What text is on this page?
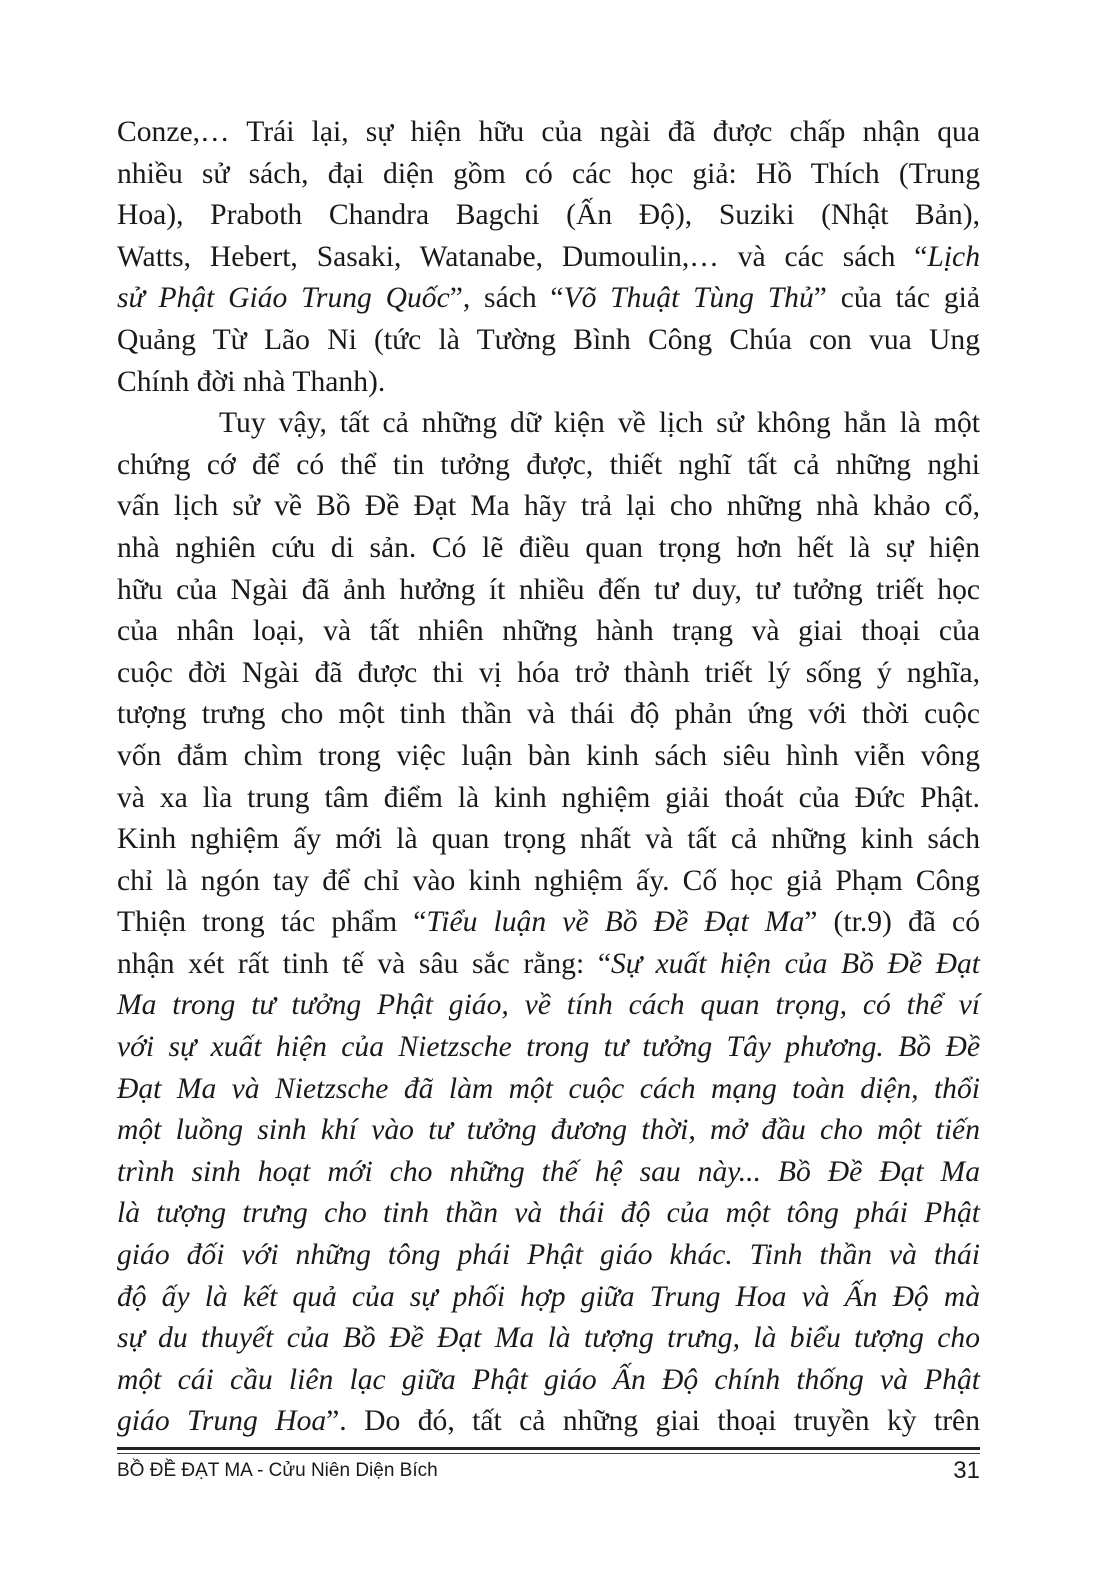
Conze,… Trái lại, sự hiện hữu của ngài đã được chấp nhận qua
nhiều sử sách, đại diện gồm có các học giả: Hồ Thích (Trung
Hoa), Praboth Chandra Bagchi (Ấn Độ), Suziki (Nhật Bản),
Watts, Hebert, Sasaki, Watanabe, Dumoulin,… và các sách “Lịch
sử Phật Giáo Trung Quốc”, sách “Võ Thuật Tùng Thủ” của tác giả
Quảng Từ Lão Ni (tức là Tường Bình Công Chúa con vua Ung
Chính đời nhà Thanh).
Tuy vậy, tất cả những dữ kiện về lịch sử không hẳn là một
chứng cớ để có thể tin tưởng được, thiết nghĩ tất cả những nghi
vấn lịch sử về Bồ Đề Đạt Ma hãy trả lại cho những nhà khảo cổ,
nhà nghiên cứu di sản. Có lẽ điều quan trọng hơn hết là sự hiện
hữu của Ngài đã ảnh hưởng ít nhiều đến tư duy, tư tưởng triết học
của nhân loại, và tất nhiên những hành trạng và giai thoại của
cuộc đời Ngài đã được thi vị hóa trở thành triết lý sống ý nghĩa,
tượng trưng cho một tinh thần và thái độ phản ứng với thời cuộc
vốn đắm chìm trong việc luận bàn kinh sách siêu hình viễn vông
và xa lìa trung tâm điểm là kinh nghiệm giải thoát của Đức Phật.
Kinh nghiệm ấy mới là quan trọng nhất và tất cả những kinh sách
chỉ là ngón tay để chỉ vào kinh nghiệm ấy. Cố học giả Phạm Công
Thiện trong tác phẩm “Tiểu luận về Bồ Đề Đạt Ma” (tr.9) đã có
nhận xét rất tinh tế và sâu sắc rằng: “Sự xuất hiện của Bồ Đề Đạt
Ma trong tư tưởng Phật giáo, về tính cách quan trọng, có thể ví
với sự xuất hiện của Nietzsche trong tư tưởng Tây phương. Bồ Đề
Đạt Ma và Nietzsche đã làm một cuộc cách mạng toàn diện, thổi
một luồng sinh khí vào tư tưởng đương thời, mở đầu cho một tiến
trình sinh hoạt mới cho những thế hệ sau này... Bồ Đề Đạt Ma
là tượng trưng cho tinh thần và thái độ của một tông phái Phật
giáo đối với những tông phái Phật giáo khác. Tinh thần và thái
độ ấy là kết quả của sự phối hợp giữa Trung Hoa và Ấn Độ mà
sự du thuyết của Bồ Đề Đạt Ma là tượng trưng, là biểu tượng cho
một cái cầu liên lạc giữa Phật giáo Ấn Độ chính thống và Phật
giáo Trung Hoa”. Do đó, tất cả những giai thoại truyền kỳ trên
BỒ ĐỀ ĐẠT MA - Cửu Niên Diện Bích	31
